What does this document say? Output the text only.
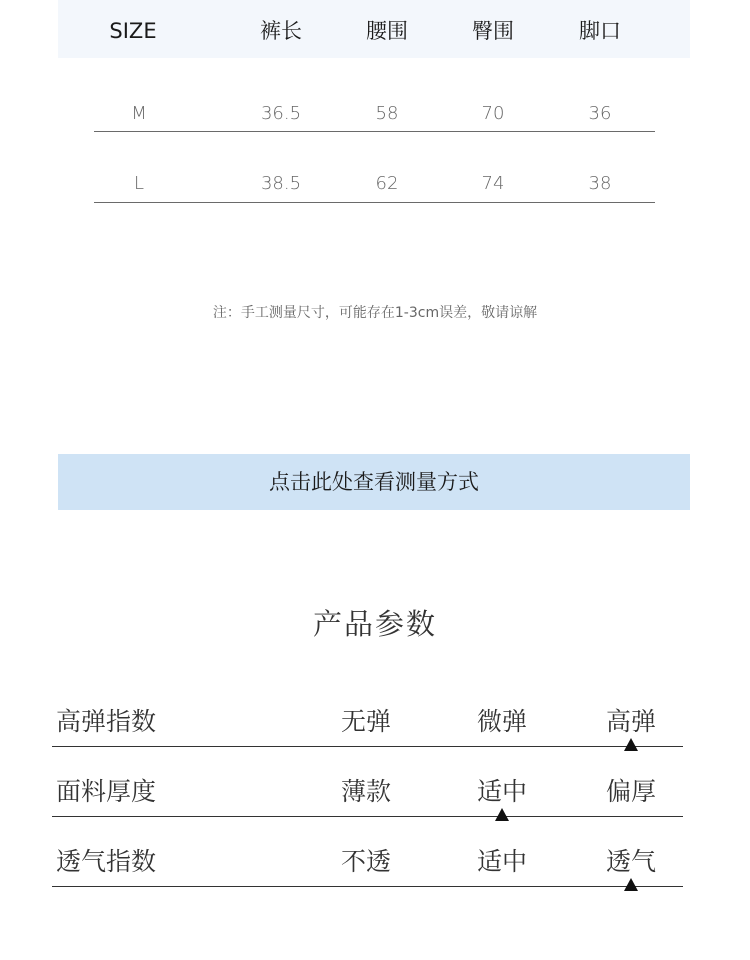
SIZE	裤长	腰围	臀围	脚口
M	36.5	58	70	36
L	38.5	62	74	38
注：手工测量尺寸，可能存在1-3cm误差，敬请谅解
点击此处查看测量方式
产品参数
高弹指数	无弹	微弹	高弹
面料厚度	薄款	适中	偏厚
透气指数	不透	适中	透气
